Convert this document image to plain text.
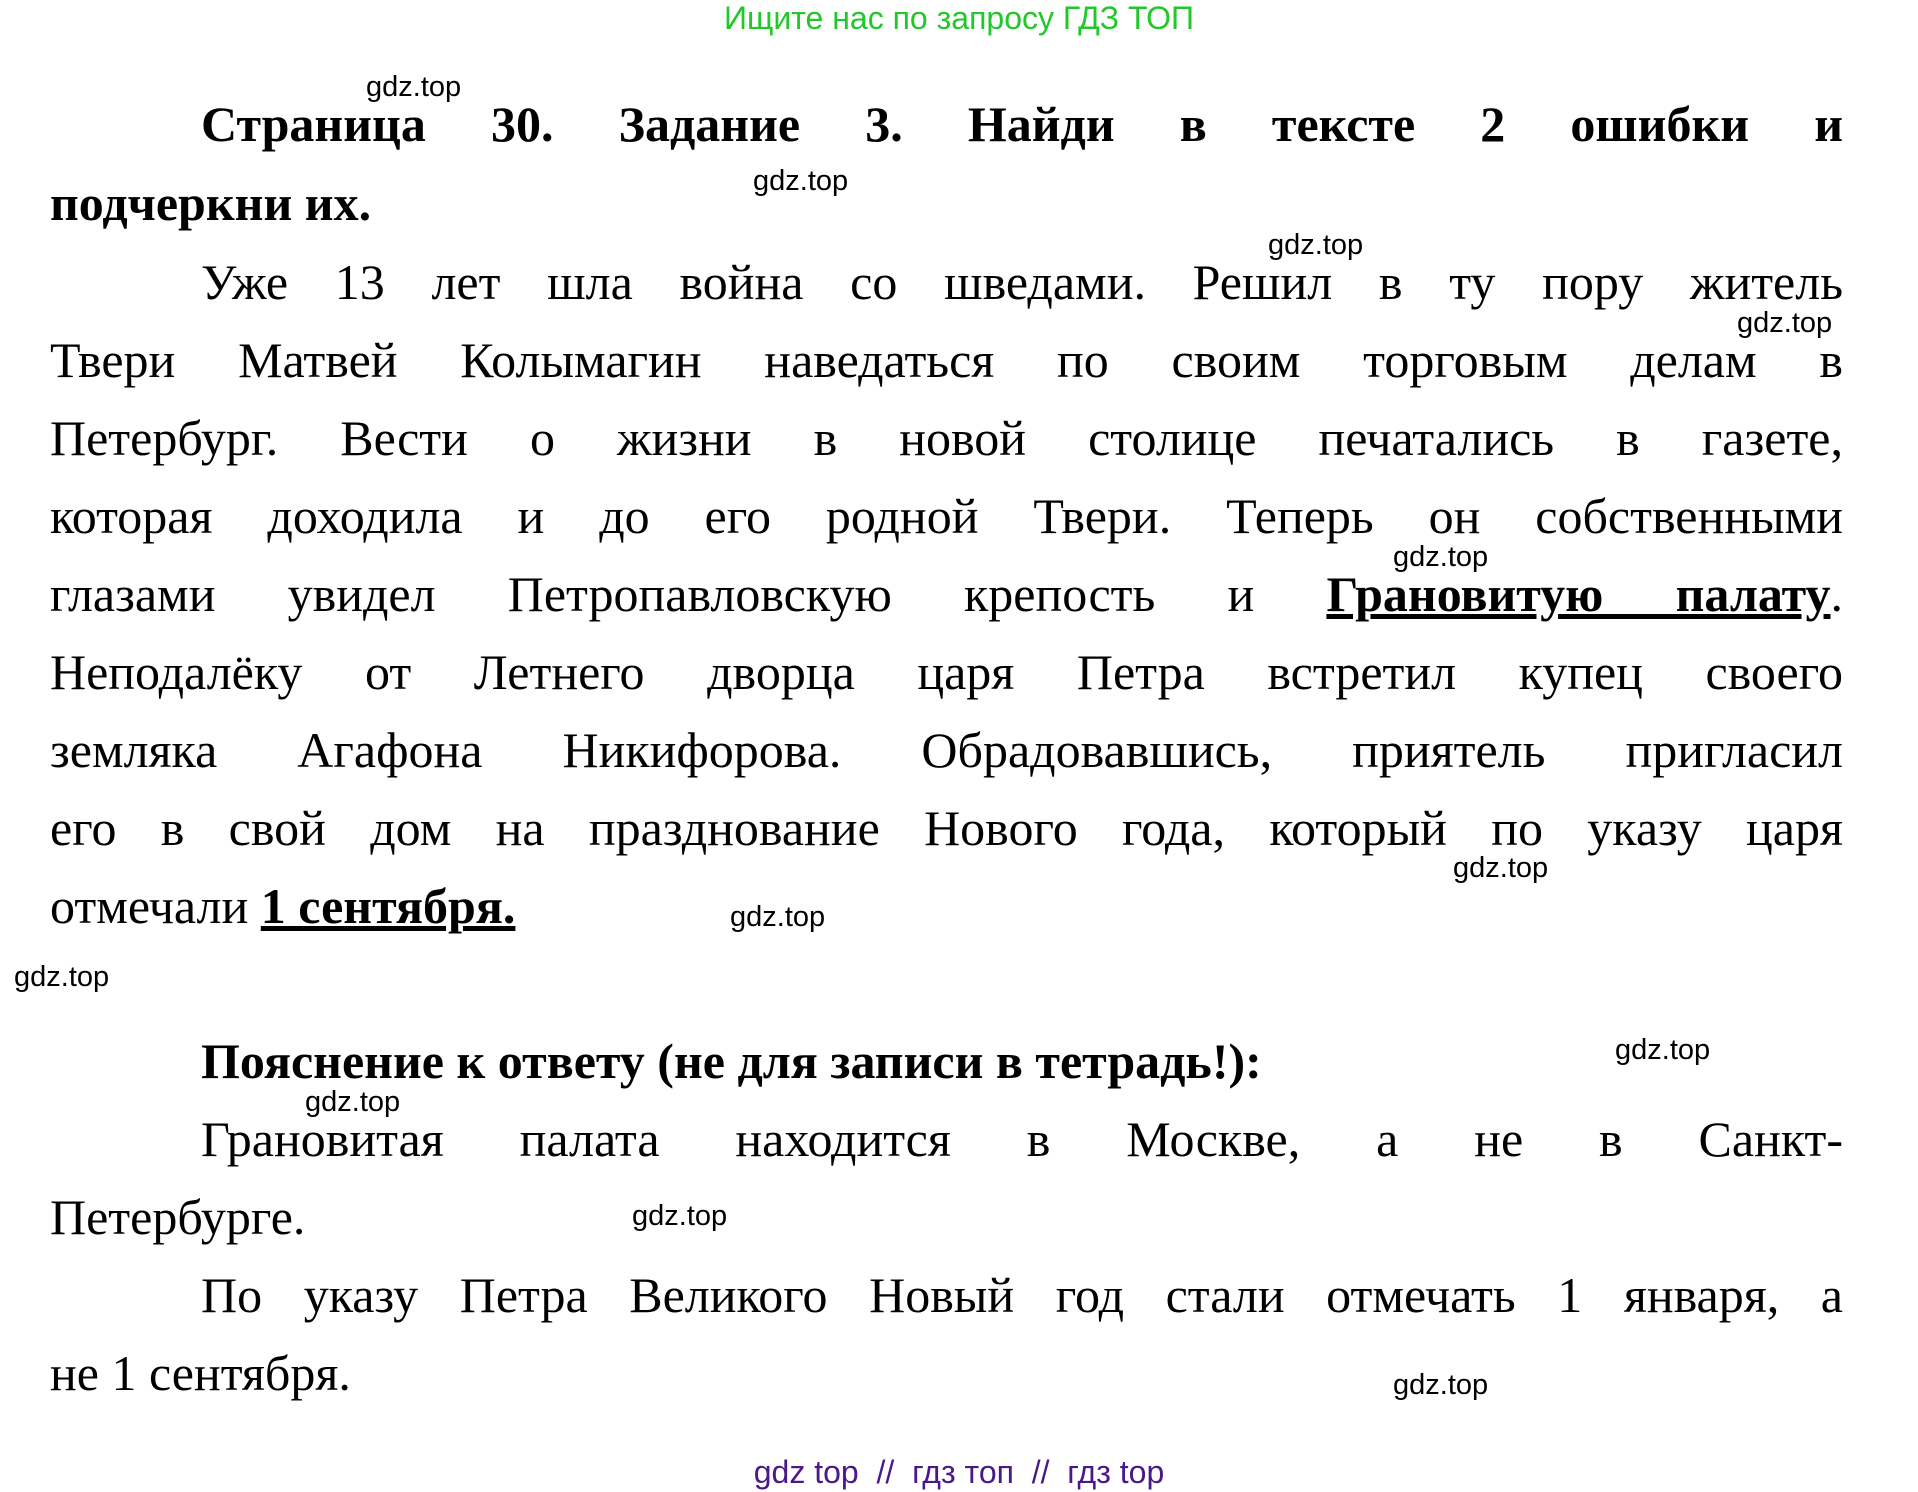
Ищите нас по запросу ГДЗ ТОП
Страница 30. Задание 3. Найди в тексте 2 ошибки и
подчеркни их.
Уже 13 лет шла война со шведами. Решил в ту пору житель
Твери Матвей Колымагин наведаться по своим торговым делам в
Петербург. Вести о жизни в новой столице печатались в газете,
которая доходила и до его родной Твери. Теперь он собственными
глазами увидел Петропавловскую крепость и Грановитую палату.
Неподалёку от Летнего дворца царя Петра встретил купец своего
земляка Агафона Никифорова. Обрадовавшись, приятель пригласил
его в свой дом на празднование Нового года, который по указу царя
отмечали 1 сентября.
Пояснение к ответу (не для записи в тетрадь!):
Грановитая палата находится в Москве, а не в Санкт-
Петербурге.
По указу Петра Великого Новый год стали отмечать 1 января, а
не 1 сентября.
gdz.top
gdz.top
gdz.top
gdz.top
gdz.top
gdz.top
gdz.top
gdz.top
gdz.top
gdz.top
gdz.top
gdz.top
gdz top  //  гдз топ  //  гдз top
